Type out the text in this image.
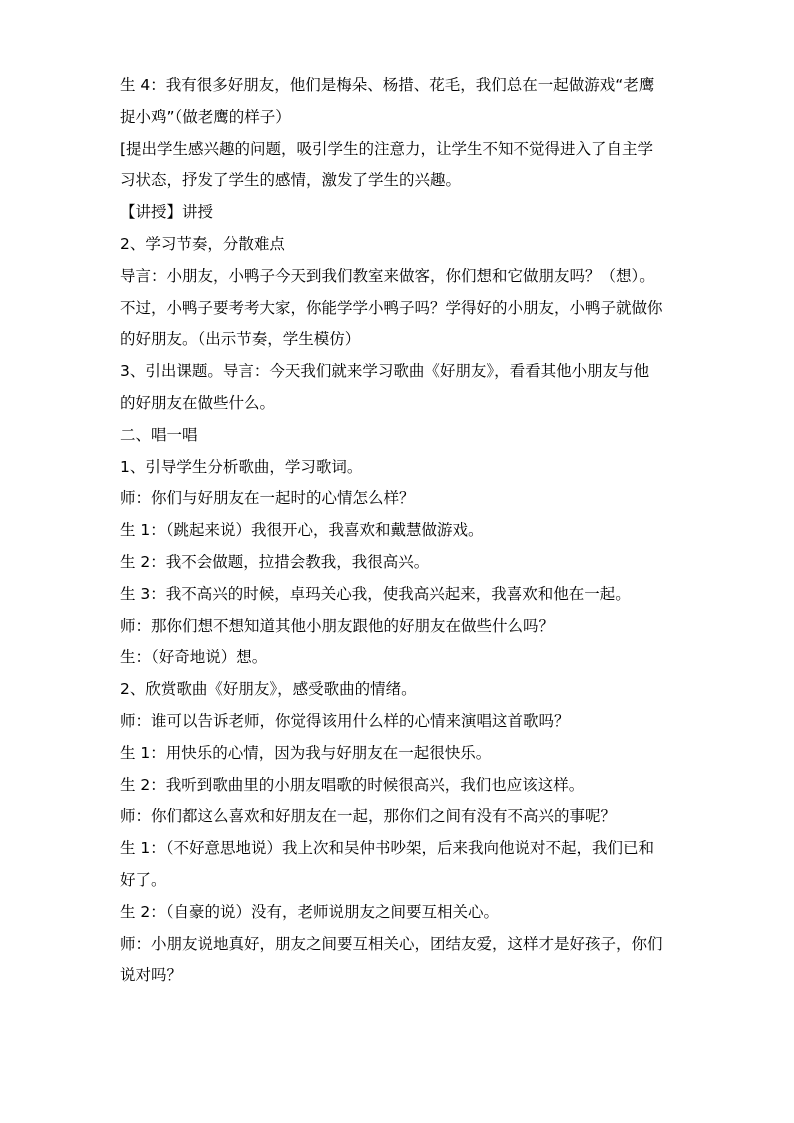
生 4：我有很多好朋友，他们是梅朵、杨措、花毛，我们总在一起做游戏“老鹰
捉小鸡”（做老鹰的样子）
[提出学生感兴趣的问题，吸引学生的注意力，让学生不知不觉得进入了自主学
习状态，抒发了学生的感情，激发了学生的兴趣。
【讲授】讲授
2、学习节奏，分散难点
导言：小朋友，小鸭子今天到我们教室来做客，你们想和它做朋友吗？（想）。
不过，小鸭子要考考大家，你能学学小鸭子吗？学得好的小朋友，小鸭子就做你
的好朋友。（出示节奏，学生模仿）
3、引出课题。导言：今天我们就来学习歌曲《好朋友》，看看其他小朋友与他
的好朋友在做些什么。
二、唱一唱
1、引导学生分析歌曲，学习歌词。
师：你们与好朋友在一起时的心情怎么样？
生 1：（跳起来说）我很开心，我喜欢和戴慧做游戏。
生 2：我不会做题，拉措会教我，我很高兴。
生 3：我不高兴的时候，卓玛关心我，使我高兴起来，我喜欢和他在一起。
师：那你们想不想知道其他小朋友跟他的好朋友在做些什么吗？
生：（好奇地说）想。
2、欣赏歌曲《好朋友》，感受歌曲的情绪。
师：谁可以告诉老师，你觉得该用什么样的心情来演唱这首歌吗？
生 1：用快乐的心情，因为我与好朋友在一起很快乐。
生 2：我听到歌曲里的小朋友唱歌的时候很高兴，我们也应该这样。
师：你们都这么喜欢和好朋友在一起，那你们之间有没有不高兴的事呢？
生 1：（不好意思地说）我上次和吴仲书吵架，后来我向他说对不起，我们已和
好了。
生 2：（自豪的说）没有，老师说朋友之间要互相关心。
师：小朋友说地真好，朋友之间要互相关心，团结友爱，这样才是好孩子，你们
说对吗？
